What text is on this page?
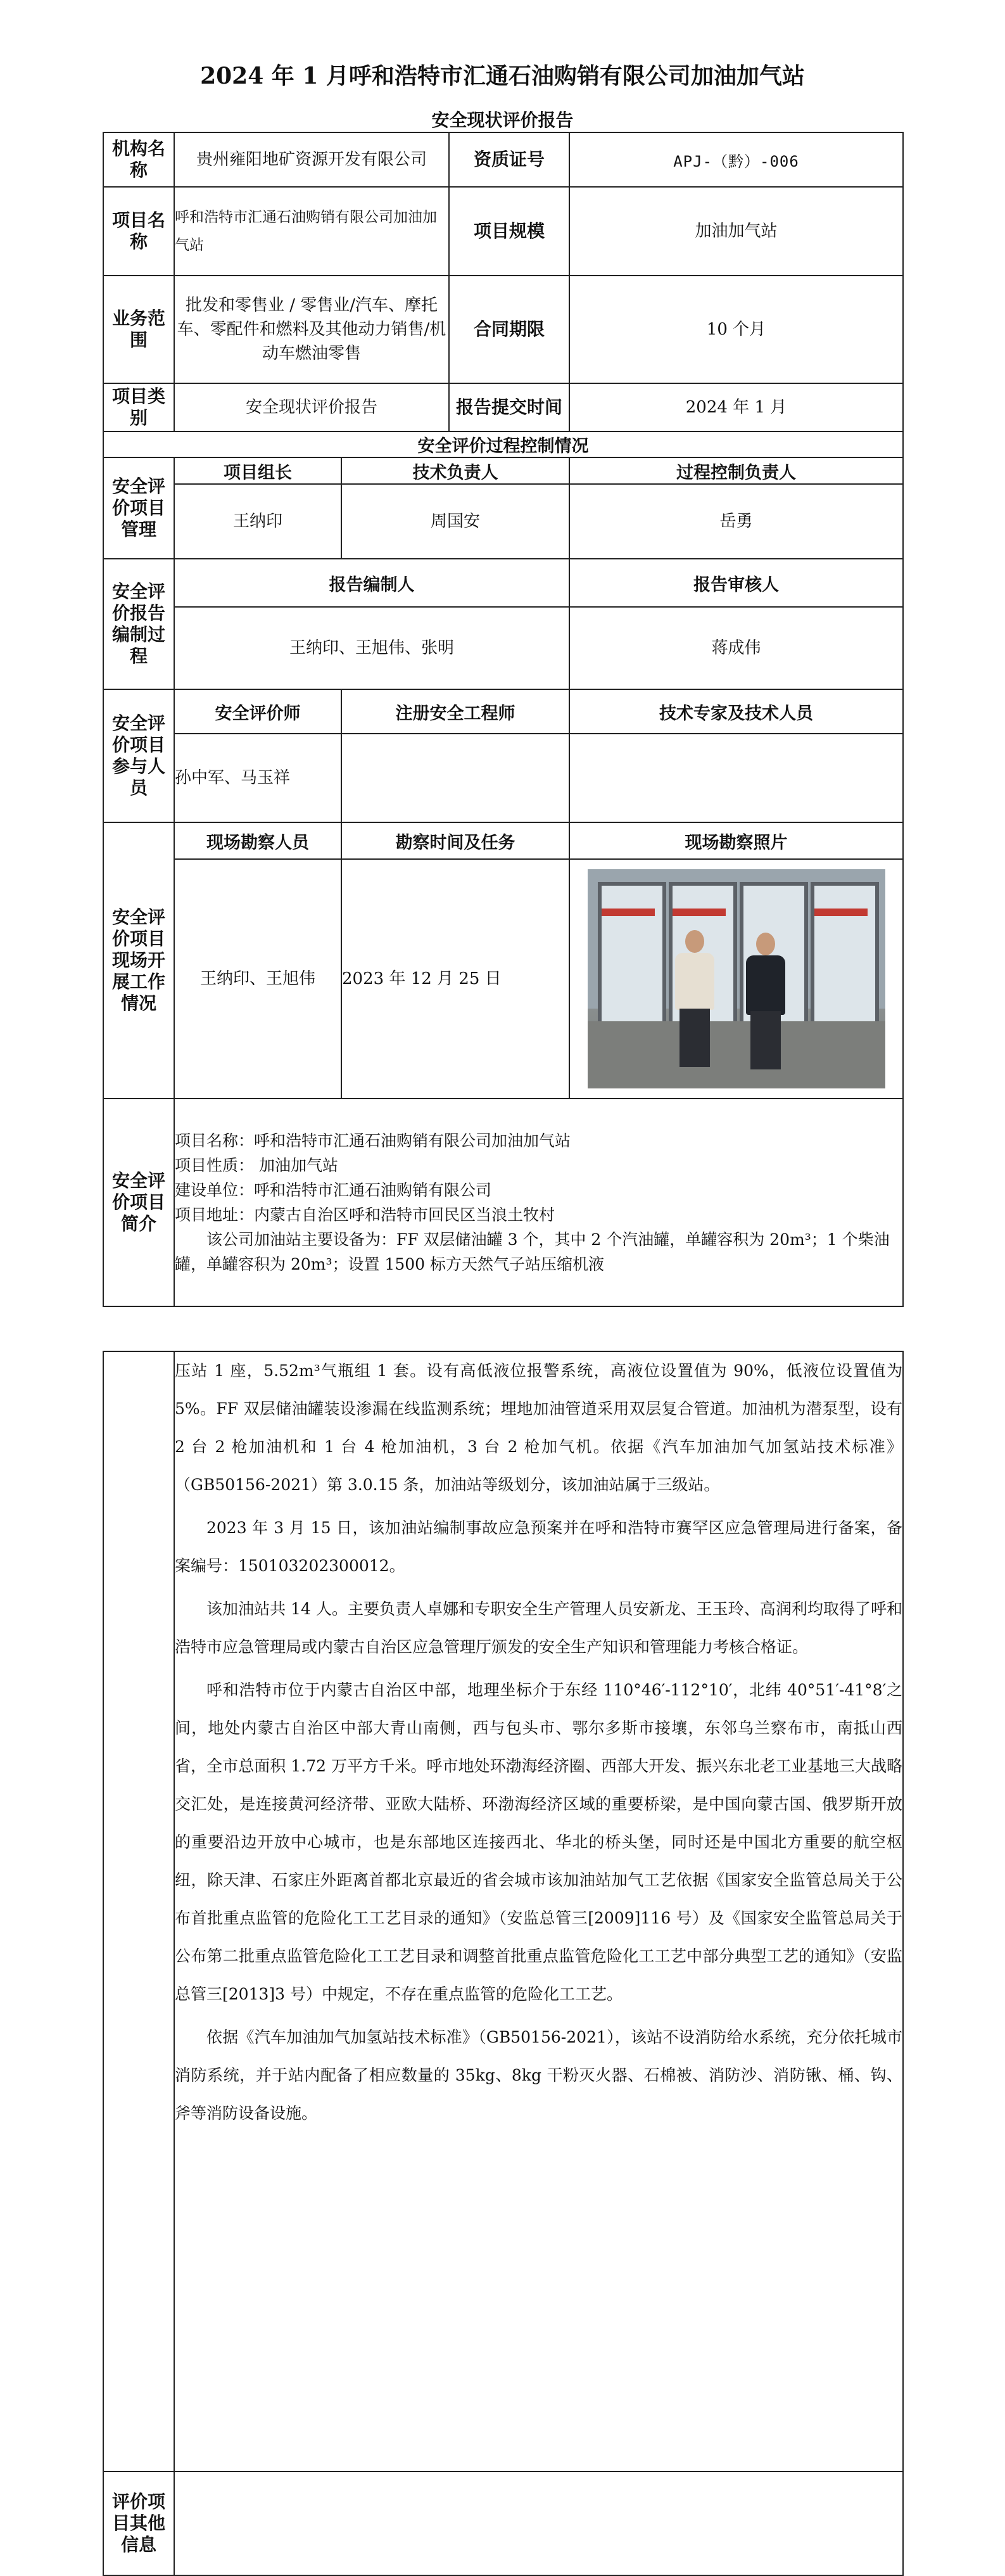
2024 年 1 月呼和浩特市汇通石油购销有限公司加油加气站
安全现状评价报告
机构名称	贵州雍阳地矿资源开发有限公司		资质证号	APJ-（黔）-006
项目名称	呼和浩特市汇通石油购销有限公司加油加气站		项目规模	加油加气站
业务范围	批发和零售业 / 零售业/汽车、摩托车、零配件和燃料及其他动力销售/机动车燃油零售		合同期限	10 个月
项目类别	安全现状评价报告		报告提交时间	2024 年 1 月
安全评价过程控制情况				
安全评价项目管理	项目组长	技术负责人		过程控制负责人
	王纳印	周国安		岳勇
安全评价报告编制过程	报告编制人			报告审核人
	王纳印、王旭伟、张明			蒋成伟
安全评价项目参与人员	安全评价师	注册安全工程师		技术专家及技术人员
	孙中军、马玉祥			
安全评价项目现场开展工作情况	现场勘察人员	勘察时间及任务		现场勘察照片
	王纳印、王旭伟	2023 年 12 月 25 日		

安全评价项目简介	项目名称：呼和浩特市汇通石油购销有限公司加油加气站

项目性质： 加油加气站

建设单位：呼和浩特市汇通石油购销有限公司

项目地址：内蒙古自治区呼和浩特市回民区当浪土牧村

该公司加油站主要设备为：FF 双层储油罐 3 个，其中 2 个汽油罐，单罐容积为 20m³；1 个柴油罐，单罐容积为 20m³；设置 1500 标方天然气子站压缩机液			

	压站 1 座，5.52m³气瓶组 1 套。设有高低液位报警系统，高液位设置值为 90%，低液位设置值为 5%。FF 双层储油罐装设渗漏在线监测系统；埋地加油管道采用双层复合管道。加油机为潜泵型，设有 2 台 2 枪加油机和 1 台 4 枪加油机，3 台 2 枪加气机。依据《汽车加油加气加氢站技术标准》（GB50156-2021）第 3.0.15 条，加油站等级划分，该加油站属于三级站。

2023 年 3 月 15 日，该加油站编制事故应急预案并在呼和浩特市赛罕区应急管理局进行备案，备案编号：150103202300012。

该加油站共 14 人。主要负责人卓娜和专职安全生产管理人员安新龙、王玉玲、高润利均取得了呼和浩特市应急管理局或内蒙古自治区应急管理厅颁发的安全生产知识和管理能力考核合格证。

呼和浩特市位于内蒙古自治区中部，地理坐标介于东经 110°46′-112°10′，北纬 40°51′-41°8′之间，地处内蒙古自治区中部大青山南侧，西与包头市、鄂尔多斯市接壤，东邻乌兰察布市，南抵山西省，全市总面积 1.72 万平方千米。呼市地处环渤海经济圈、西部大开发、振兴东北老工业基地三大战略交汇处，是连接黄河经济带、亚欧大陆桥、环渤海经济区域的重要桥梁，是中国向蒙古国、俄罗斯开放的重要沿边开放中心城市，也是东部地区连接西北、华北的桥头堡，同时还是中国北方重要的航空枢纽，除天津、石家庄外距离首都北京最近的省会城市该加油站加气工艺依据《国家安全监管总局关于公布首批重点监管的危险化工工艺目录的通知》（安监总管三[2009]116 号）及《国家安全监管总局关于公布第二批重点监管危险化工工艺目录和调整首批重点监管危险化工工艺中部分典型工艺的通知》（安监总管三[2013]3 号）中规定，不存在重点监管的危险化工工艺。

依据《汽车加油加气加氢站技术标准》（GB50156-2021），该站不设消防给水系统，充分依托城市消防系统，并于站内配备了相应数量的 35kg、8kg 干粉灭火器、石棉被、消防沙、消防锹、桶、钩、斧等消防设备设施。

评价项目其他信息	
